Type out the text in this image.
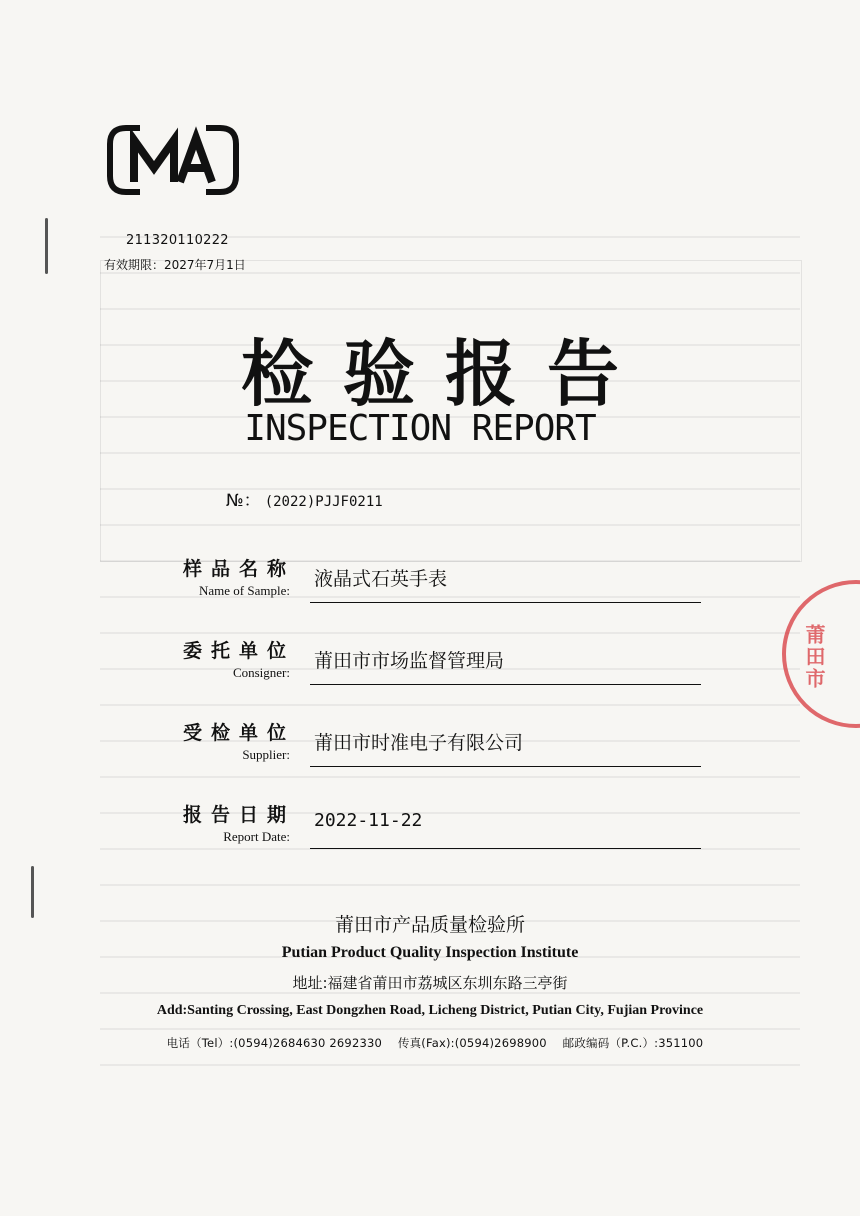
莆田市
211320110222
有效期限：2027年7月1日
检验报告
INSPECTION REPORT
№： (2022)PJJF0211
样品名称
Name of Sample:
液晶式石英手表
委托单位
Consigner:
莆田市市场监督管理局
受检单位
Supplier:
莆田市时准电子有限公司
报告日期
Report Date:
2022-11-22
莆田市产品质量检验所
Putian Product Quality Inspection Institute
地址:福建省莆田市荔城区东圳东路三亭街
Add:Santing Crossing, East Dongzhen Road, Licheng District, Putian City, Fujian Province
电话（Tel）:(0594)2684630 2692330 传真(Fax):(0594)2698900 邮政编码（P.C.）:351100
